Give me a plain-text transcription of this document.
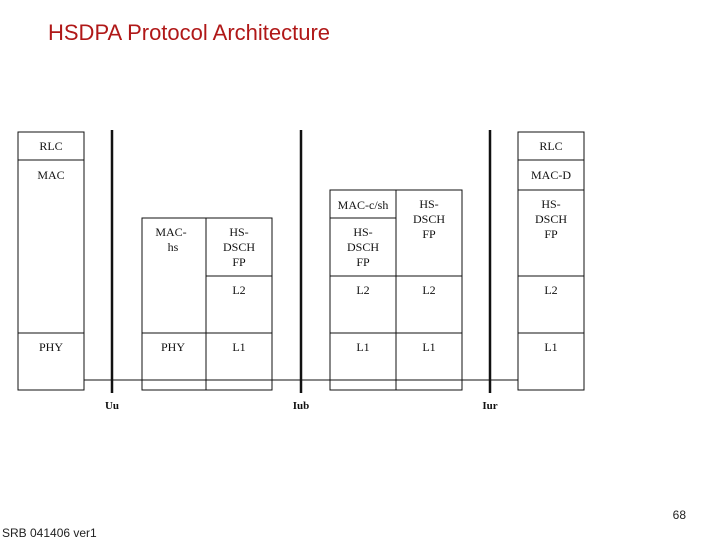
HSDPA Protocol Architecture
RLC
MAC
PHY
MAC-
hs
HS-
DSCH
FP
L2
PHY	L1
MAC-c/sh
HS-
DSCH
FP
HS-
DSCH
FP
L2	L2
L1	L1
RLC
MAC-D
HS-
DSCH
FP
L2
L1
Uu	Iub	Iur
68
SRB 041406 ver1
